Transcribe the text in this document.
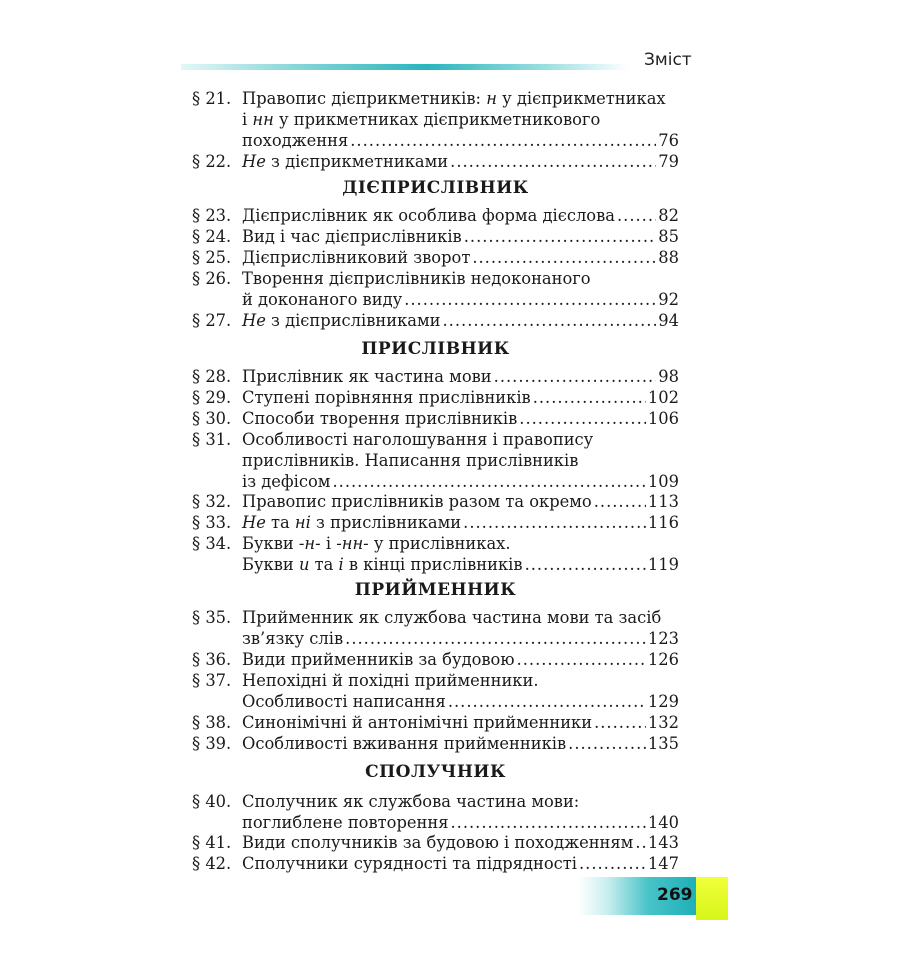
Зміст
§ 21. Правопис дієприкметників: н у дієприкметниках
і нн у прикметниках дієприкметникового
походження .....	76
§ 22. Не з дієприкметниками .....	79
§ 23. Дієприслівник як особлива форма дієслова .....	82
§ 24. Вид і час дієприслівників .....	85
§ 25. Дієприслівниковий зворот .....	88
§ 26. Творення дієприслівників недоконаного
й доконаного виду .....	92
§ 27. Не з дієприслівниками .....	94
§ 28. Прислівник як частина мови .....	98
§ 29. Ступені порівняння прислівників .....	102
§ 30. Способи творення прислівників .....	106
§ 31. Особливості наголошування і правопису
прислівників. Написання прислівників
із дефісом .....	109
§ 32. Правопис прислівників разом та окремо .....	113
§ 33. Не та ні з прислівниками .....	116
§ 34. Букви -н- і -нн- у прислівниках.
Букви и та і в кінці прислівників .....	119
§ 35. Прийменник як службова частина мови та засіб
зв’язку слів .....	123
§ 36. Види прийменників за будовою .....	126
§ 37. Непохідні й похідні прийменники.
Особливості написання .....	129
§ 38. Синонімічні й антонімічні прийменники .....	132
§ 39. Особливості вживання прийменників .....	135
§ 40. Сполучник як службова частина мови:
поглиблене повторення .....	140
§ 41. Види сполучників за будовою і походженням ..... 143
§ 42. Сполучники сурядності та підрядності .....	147
ДІЄПРИСЛІВНИК
ПРИСЛІВНИК
ПРИЙМЕННИК
СПОЛУЧНИК
269
